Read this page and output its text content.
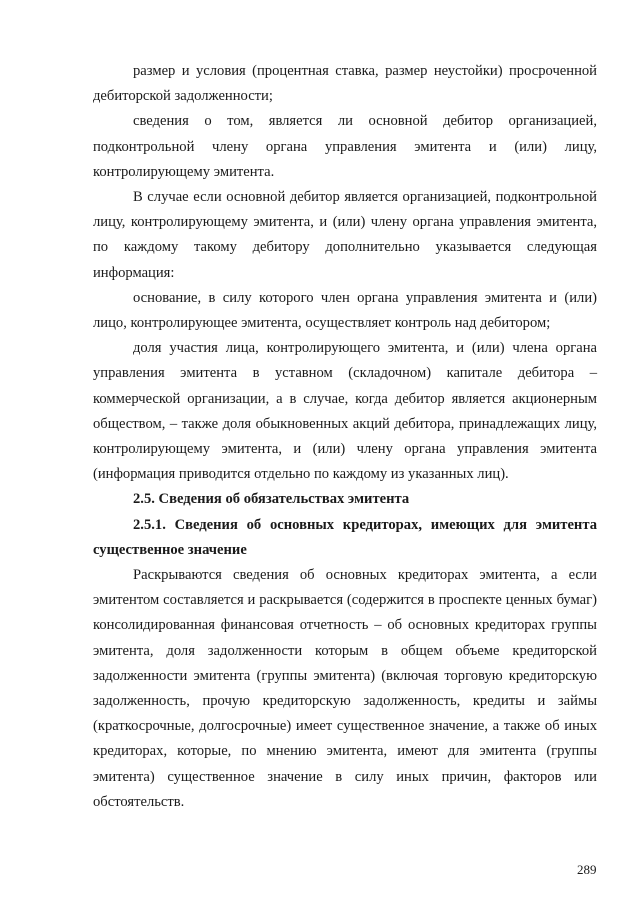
размер и условия (процентная ставка, размер неустойки) просроченной дебиторской задолженности;

сведения о том, является ли основной дебитор организацией, подконтрольной члену органа управления эмитента и (или) лицу, контролирующему эмитента.

В случае если основной дебитор является организацией, подконтрольной лицу, контролирующему эмитента, и (или) члену органа управления эмитента, по каждому такому дебитору дополнительно указывается следующая информация:

основание, в силу которого член органа управления эмитента и (или) лицо, контролирующее эмитента, осуществляет контроль над дебитором;

доля участия лица, контролирующего эмитента, и (или) члена органа управления эмитента в уставном (складочном) капитале дебитора – коммерческой организации, а в случае, когда дебитор является акционерным обществом, – также доля обыкновенных акций дебитора, принадлежащих лицу, контролирующему эмитента, и (или) члену органа управления эмитента (информация приводится отдельно по каждому из указанных лиц).

2.5. Сведения об обязательствах эмитента

2.5.1. Сведения об основных кредиторах, имеющих для эмитента существенное значение

Раскрываются сведения об основных кредиторах эмитента, а если эмитентом составляется и раскрывается (содержится в проспекте ценных бумаг) консолидированная финансовая отчетность – об основных кредиторах группы эмитента, доля задолженности которым в общем объеме кредиторской задолженности эмитента (группы эмитента) (включая торговую кредиторскую задолженность, прочую кредиторскую задолженность, кредиты и займы (краткосрочные, долгосрочные) имеет существенное значение, а также об иных кредиторах, которые, по мнению эмитента, имеют для эмитента (группы эмитента) существенное значение в силу иных причин, факторов или обстоятельств.

289
